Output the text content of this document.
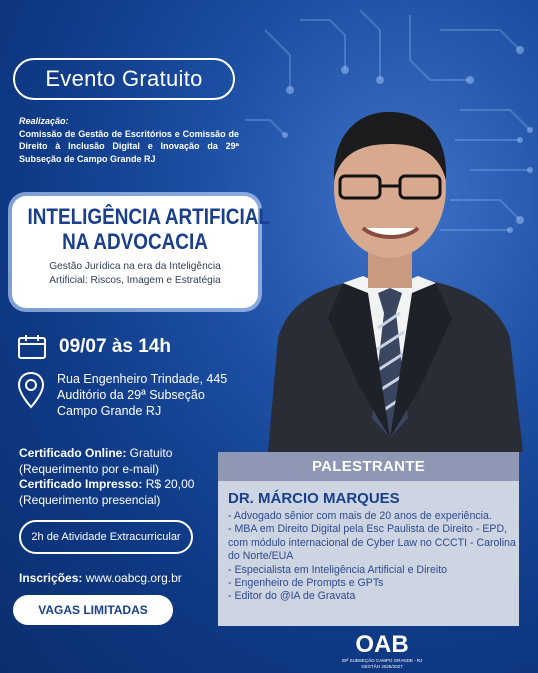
Evento Gratuito
Realização:
Comissão de Gestão de Escritórios e Comissão de Direito à Inclusão Digital e Inovação da 29ª Subseção de Campo Grande RJ
INTELIGÊNCIA ARTIFICIAL
NA ADVOCACIA
Gestão Jurídica na era da Inteligência
Artificial: Riscos, Imagem e Estratégia
09/07 às 14h
Rua Engenheiro Trindade, 445
Auditório da 29ª Subseção
Campo Grande RJ
Certificado Online: Gratuito
(Requerimento por e-mail)
Certificado Impresso: R$ 20,00
(Requerimento presencial)
2h de Atividade Extracurricular
Inscrições: www.oabcg.org.br
VAGAS LIMITADAS
PALESTRANTE
DR. MÁRCIO MARQUES
- Advogado sênior com mais de 20 anos de experiência.
- MBA em Direito Digital pela Esc Paulista de Direito - EPD,
com módulo internacional de Cyber Law no CCCTI - Carolina
do Norte/EUA
- Especialista em Inteligência Artificial e Direito
- Engenheiro de Prompts e GPTs
- Editor do @IA de Gravata
OAB
29ª SUBSEÇÃO CAMPO GRANDE - RJ
GESTÃO 2025/2027
